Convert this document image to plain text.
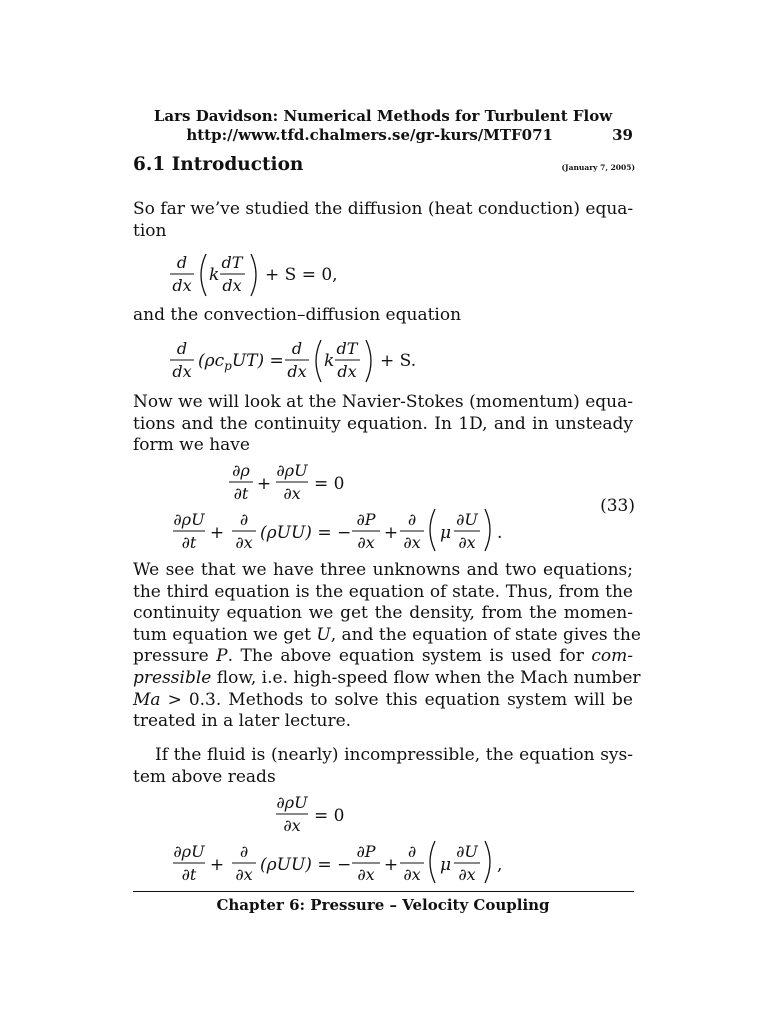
Lars Davidson: Numerical Methods for Turbulent Flow
http://www.tfd.chalmers.se/gr-kurs/MTF071	39
6.1 Introduction	(January 7, 2005)
So far we’ve studied the diffusion (heat conduction) equa-
tion
and the convection–diffusion equation
Now we will look at the Navier-Stokes (momentum) equa-
tions and the continuity equation. In 1D, and in unsteady
form we have
We see that we have three unknowns and two equations;
the third equation is the equation of state. Thus, from the
continuity equation we get the density, from the momen-
tum equation we get U, and the equation of state gives the
pressure P. The above equation system is used for com-
pressible flow, i.e. high-speed flow when the Mach number
Ma > 0.3. Methods to solve this equation system will be
treated in a later lecture.
If the fluid is (nearly) incompressible, the equation sys-
tem above reads
d
dx
k
dT
dx
+ S = 0,
d
dx
$(\rho c_pUT)$ =
d
dx
k
dT
dx
+ S.
∂ρ
∂t +
∂ρU
∂x = 0
∂ρU
∂t +
∂
∂x (ρUU) = −
∂P
∂x +
∂
∂x μ
∂U
∂x .
∂ρU
∂x = 0
∂ρU
∂t +
∂
∂x (ρUU) = −
∂P
∂x +
∂
∂x μ
∂U
∂x ,
(33)
Chapter 6: Pressure – Velocity Coupling
